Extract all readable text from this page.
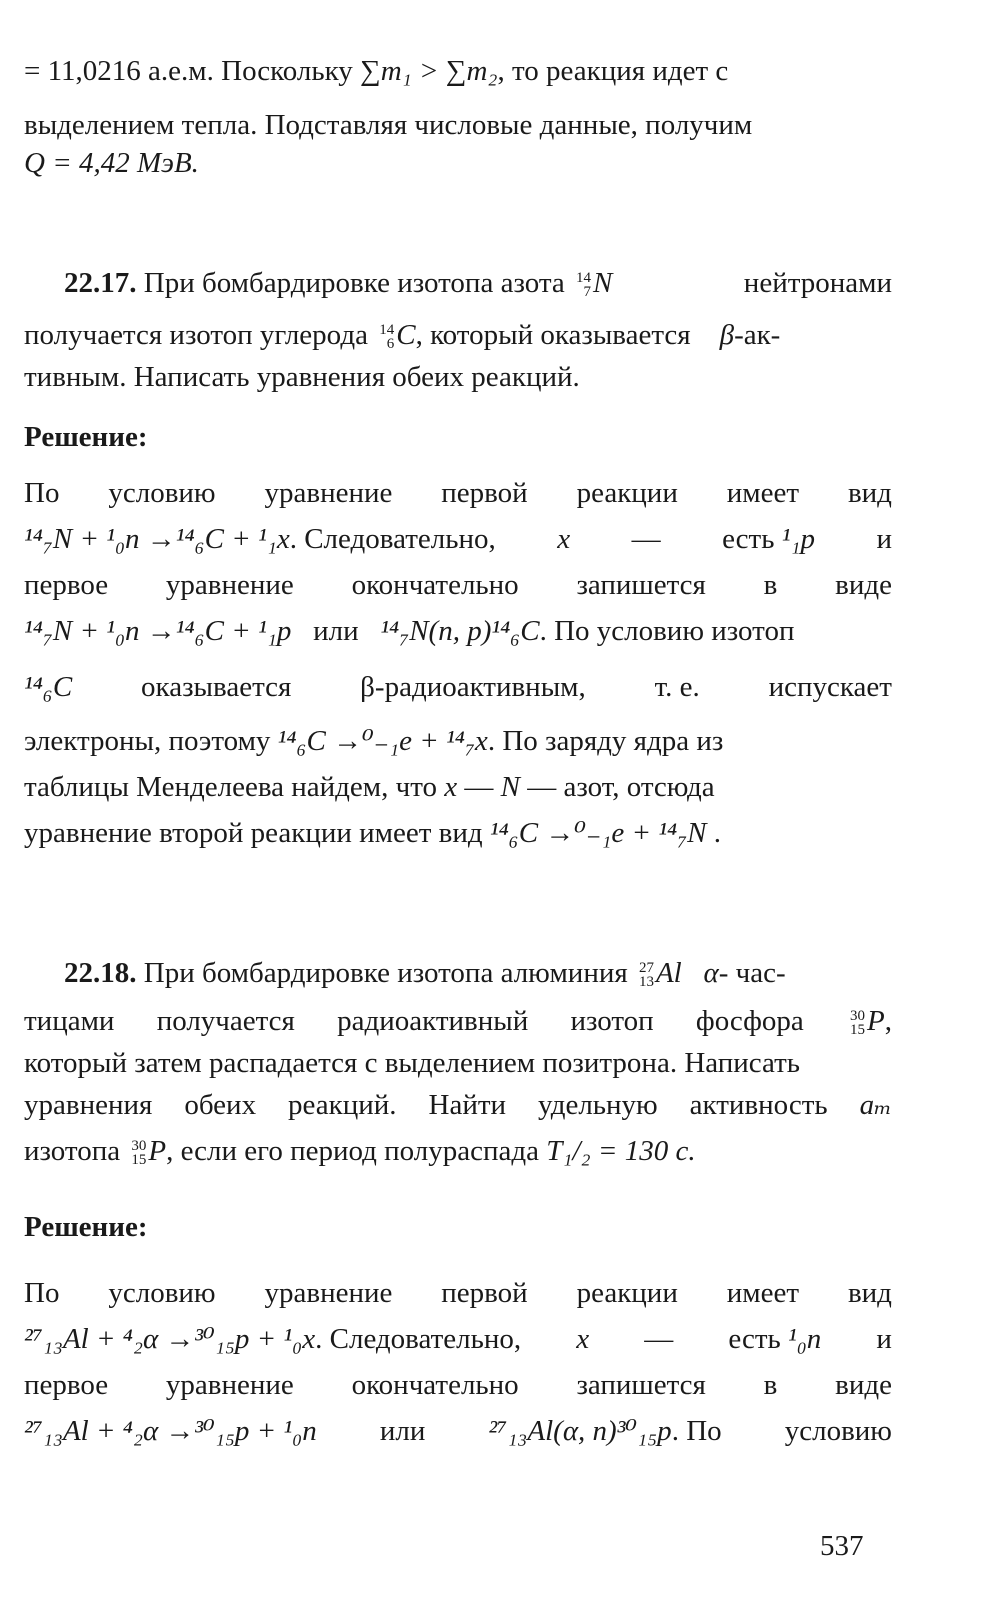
= 11,0216 а.е.м. Поскольку ∑m₁ > ∑m₂, то реакция идет с
выделением тепла. Подставляя числовые данные, получим
Q = 4,42 МэВ.
22.17. При бомбардировке изотопа азота 14
7 N	нейтронами
получается изотоп углерода 14
6 C, который оказывается β-ак-
тивным. Написать уравнения обеих реакций.
Решение:
По условию уравнение первой реакции имеет вид
¹⁴₇N + ¹₀n →¹⁴₆C + ¹₁x. Следовательно, x — есть ¹₁p и
первое уравнение окончательно запишется в виде
¹⁴₇N + ¹₀n →¹⁴₆C + ¹₁p или ¹⁴₇N(n, p)¹⁴₆C. По условию изотоп
¹⁴₆C оказывается β-радиоактивным, т. е. испускает
электроны, поэтому ¹⁴₆C →⁰₋₁e + ¹⁴₇x. По заряду ядра из
таблицы Менделеева найдем, что x — N — азот, отсюда
уравнение второй реакции имеет вид ¹⁴₆C →⁰₋₁e + ¹⁴₇N .
22.18. При бомбардировке изотопа алюминия 27
13 Al α- час-
тицами получается радиоактивный изотоп фосфора	30
15 P,
который затем распадается с выделением позитрона. Написать
уравнения обеих реакций. Найти удельную активность aₘ
изотопа 30
15 P, если его период полураспада T₁/₂ = 130 с.
Решение:
По условию уравнение первой реакции имеет вид
²⁷₁₃Al + ⁴₂α →³⁰₁₅p + ¹₀x. Следовательно, x — есть ¹₀n и
первое уравнение окончательно запишется в виде
²⁷₁₃Al + ⁴₂α →³⁰₁₅p + ¹₀n или ²⁷₁₃Al(α, n)³⁰₁₅p. По условию
537
